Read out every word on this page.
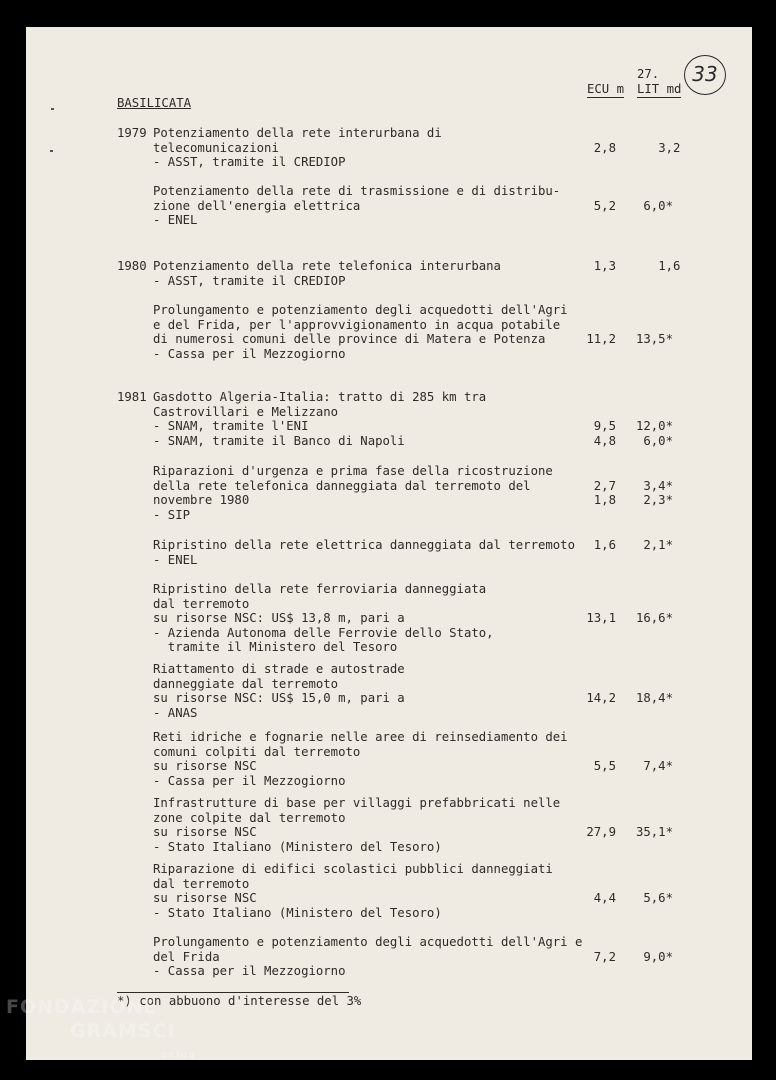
33
27.
ECU m LIT md
BASILICATA
1979 Potenziamento della rete interurbana di
telecomunicazioni
- ASST, tramite il CREDIOP
2,8	3,2
Potenziamento della rete di trasmissione e di distribu-
zione dell'energia elettrica
- ENEL
5,2 6,0*
1980 Potenziamento della rete telefonica interurbana
- ASST, tramite il CREDIOP
1,3	1,6
Prolungamento e potenziamento degli acquedotti dell'Agri
e del Frida, per l'approvvigionamento in acqua potabile
di numerosi comuni delle province di Matera e Potenza
- Cassa per il Mezzogiorno
11,2 13,5*
1981 Gasdotto Algeria-Italia: tratto di 285 km tra
Castrovillari e Melizzano
- SNAM, tramite l'ENI
- SNAM, tramite il Banco di Napoli
9,5
4,8
12,0*
6,0*
Riparazioni d'urgenza e prima fase della ricostruzione
della rete telefonica danneggiata dal terremoto del
novembre 1980
- SIP
2,7
1,8
3,4*
2,3*
Ripristino della rete elettrica danneggiata dal terremoto
- ENEL
1,6 2,1*
Ripristino della rete ferroviaria danneggiata
dal terremoto
su risorse NSC: US$ 13,8 m, pari a
- Azienda Autonoma delle Ferrovie dello Stato,
tramite il Ministero del Tesoro
13,1 16,6*
Riattamento di strade e autostrade
danneggiate dal terremoto
su risorse NSC: US$ 15,0 m, pari a
- ANAS
14,2 18,4*
Reti idriche e fognarie nelle aree di reinsediamento dei
comuni colpiti dal terremoto
su risorse NSC
- Cassa per il Mezzogiorno
5,5 7,4*
Infrastrutture di base per villaggi prefabbricati nelle
zone colpite dal terremoto
su risorse NSC
- Stato Italiano (Ministero del Tesoro)
27,9 35,1*
Riparazione di edifici scolastici pubblici danneggiati
dal terremoto
su risorse NSC
- Stato Italiano (Ministero del Tesoro)
4,4 5,6*
Prolungamento e potenziamento degli acquedotti dell'Agri e
del Frida
- Cassa per il Mezzogiorno
7,2 9,0*
*) con abbuono d'interesse del 3%
FONDAZIONE
GRAMSCI
onlus
